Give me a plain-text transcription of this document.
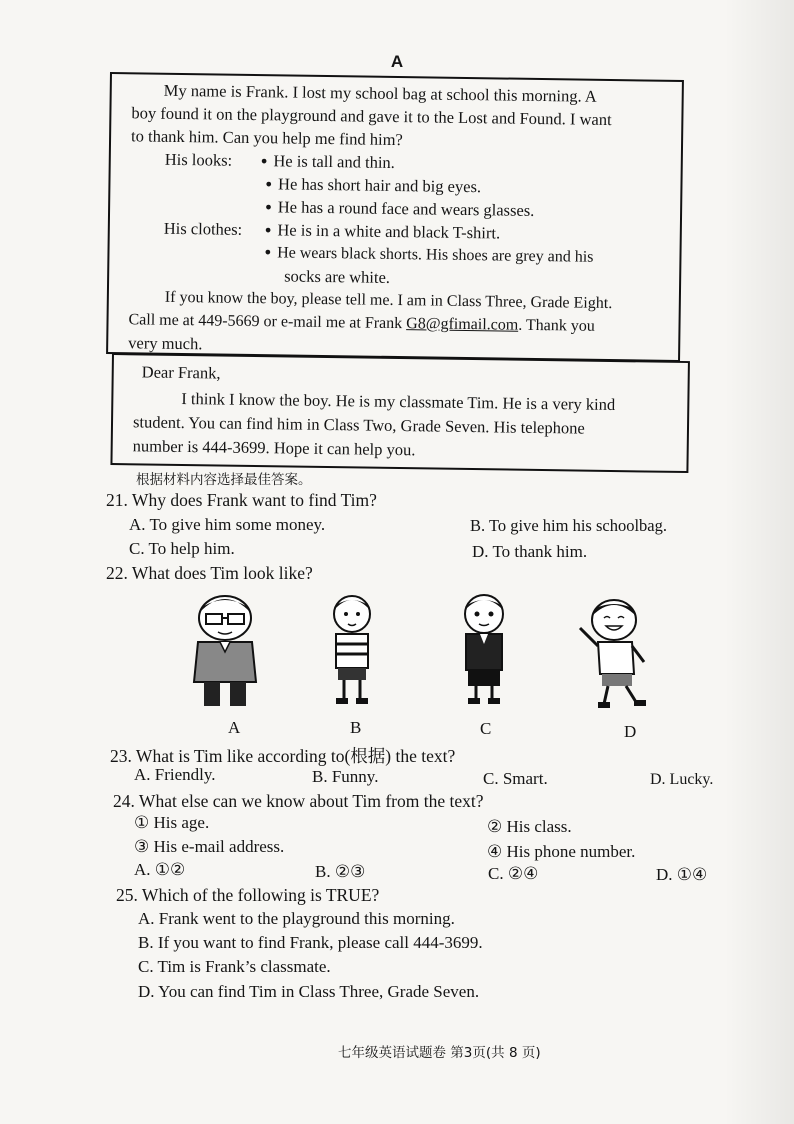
A
My name is Frank. I lost my school bag at school this morning. A
boy found it on the playground and gave it to the Lost and Found. I want
to thank him. Can you help me find him?
His looks:	● He is tall and thin.
● He has short hair and big eyes.
● He has a round face and wears glasses.
His clothes:	● He is in a white and black T-shirt.
● He wears black shorts. His shoes are grey and his
socks are white.
If you know the boy, please tell me. I am in Class Three, Grade Eight.
Call me at 449-5669 or e-mail me at Frank G8@gfimail.com. Thank you
very much.
Dear Frank,
I think I know the boy. He is my classmate Tim. He is a very kind
student. You can find him in Class Two, Grade Seven. His telephone
number is 444-3699. Hope it can help you.
根据材料内容选择最佳答案。
21. Why does Frank want to find Tim?
A. To give him some money.	B. To give him his schoolbag.
C. To help him.	D. To thank him.
22. What does Tim look like?
A	B	C	D
23. What is Tim like according to(根据) the text?
A. Friendly.	B. Funny.	C. Smart.	D. Lucky.
24. What else can we know about Tim from the text?
① His age.	② His class.
③ His e-mail address.	④ His phone number.
A. ①②	B. ②③	C. ②④	D. ①④
25. Which of the following is TRUE?
A. Frank went to the playground this morning.
B. If you want to find Frank, please call 444-3699.
C. Tim is Frank’s classmate.
D. You can find Tim in Class Three, Grade Seven.
七年级英语试题卷 第3页(共 8 页)
